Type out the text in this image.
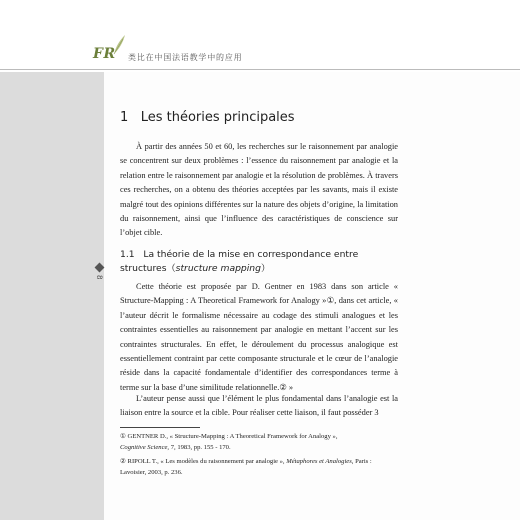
FR 类比在中国法语教学中的应用
8
1 Les théories principales

À partir des années 50 et 60, les recherches sur le raisonnement par analogie se concentrent sur deux problèmes : l’essence du raisonnement par analogie et la relation entre le raisonnement par analogie et la résolution de problèmes. À travers ces recherches, on a obtenu des théories acceptées par les savants, mais il existe malgré tout des opinions différentes sur la nature des objets d’origine, la limitation du raisonnement, ainsi que l’influence des caractéristiques de conscience sur l’objet cible.

1.1 La théorie de la mise en correspondance entre structures（structure mapping）

Cette théorie est proposée par D. Gentner en 1983 dans son article « Structure-Mapping : A Theoretical Framework for Analogy »①, dans cet article, « l’auteur décrit le formalisme nécessaire au codage des stimuli analogues et les contraintes essentielles au raisonnement par analogie en mettant l’accent sur les contraintes structurales. En effet, le déroulement du processus analogique est essentiellement contraint par cette composante structurale et le cœur de l’analogie réside dans la capacité fondamentale d’identifier des correspondances terme à terme sur la base d’une similitude relationnelle.② »

L’auteur pense aussi que l’élément le plus fondamental dans l’analogie est la liaison entre la source et la cible. Pour réaliser cette liaison, il faut posséder 3

① GENTNER D., « Structure-Mapping : A Theoretical Framework for Analogy »,
Cognitive Science, 7, 1983, pp. 155 - 170.
② RIPOLL T., « Les modèles du raisonnement par analogie », Métaphores et Analogies, Paris : Lavoisier, 2003, p. 236.
